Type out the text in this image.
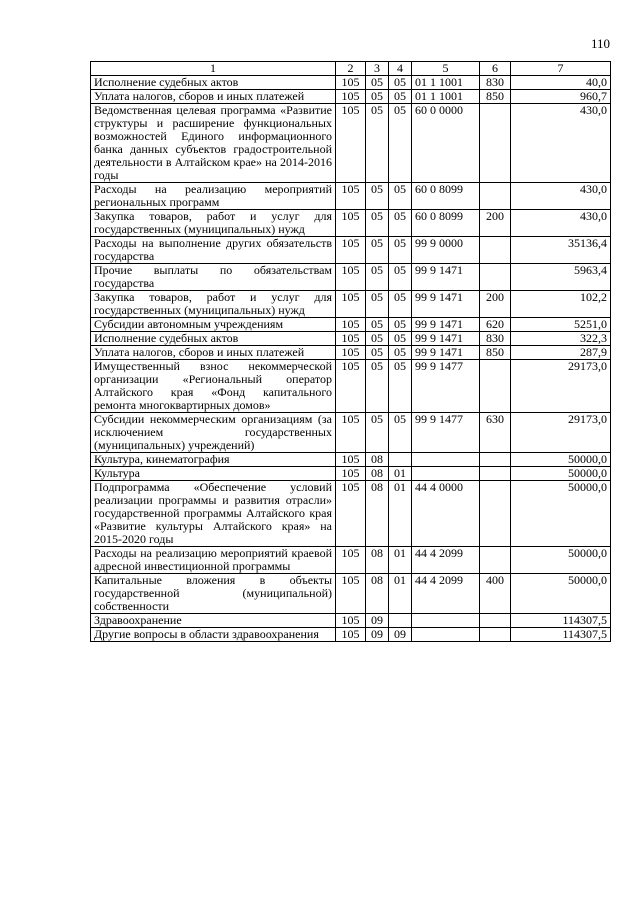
110
1	2	3	4	5	6	7
Исполнение судебных актов	105	05	05	01 1 1001	830	40,0
Уплата налогов, сборов и иных платежей	105	05	05	01 1 1001	850	960,7
Ведомственная целевая программа «Развитие структуры и расширение функциональных возможностей Единого информационного банка данных субъектов градостроительной деятельности в Алтайском крае» на 2014-2016 годы	105	05	05	60 0 0000		430,0
Расходы на реализацию мероприятий региональных программ	105	05	05	60 0 8099		430,0
Закупка товаров, работ и услуг для государственных (муниципальных) нужд	105	05	05	60 0 8099	200	430,0
Расходы на выполнение других обязательств государства	105	05	05	99 9 0000		35136,4
Прочие выплаты по обязательствам государства	105	05	05	99 9 1471		5963,4
Закупка товаров, работ и услуг для государственных (муниципальных) нужд	105	05	05	99 9 1471	200	102,2
Субсидии автономным учреждениям	105	05	05	99 9 1471	620	5251,0
Исполнение судебных актов	105	05	05	99 9 1471	830	322,3
Уплата налогов, сборов и иных платежей	105	05	05	99 9 1471	850	287,9
Имущественный взнос некоммерческой организации «Региональный оператор Алтайского края «Фонд капитального ремонта многоквартирных домов»	105	05	05	99 9 1477		29173,0
Субсидии некоммерческим организациям (за исключением государственных (муниципальных) учреждений)	105	05	05	99 9 1477	630	29173,0
Культура, кинематография	105	08				50000,0
Культура	105	08	01			50000,0
Подпрограмма «Обеспечение условий реализации программы и развития отрасли» государственной программы Алтайского края «Развитие культуры Алтайского края» на 2015-2020 годы	105	08	01	44 4 0000		50000,0
Расходы на реализацию мероприятий краевой адресной инвестиционной программы	105	08	01	44 4 2099		50000,0
Капитальные вложения в объекты государственной (муниципальной) собственности	105	08	01	44 4 2099	400	50000,0
Здравоохранение	105	09				114307,5
Другие вопросы в области здравоохранения	105	09	09			114307,5
